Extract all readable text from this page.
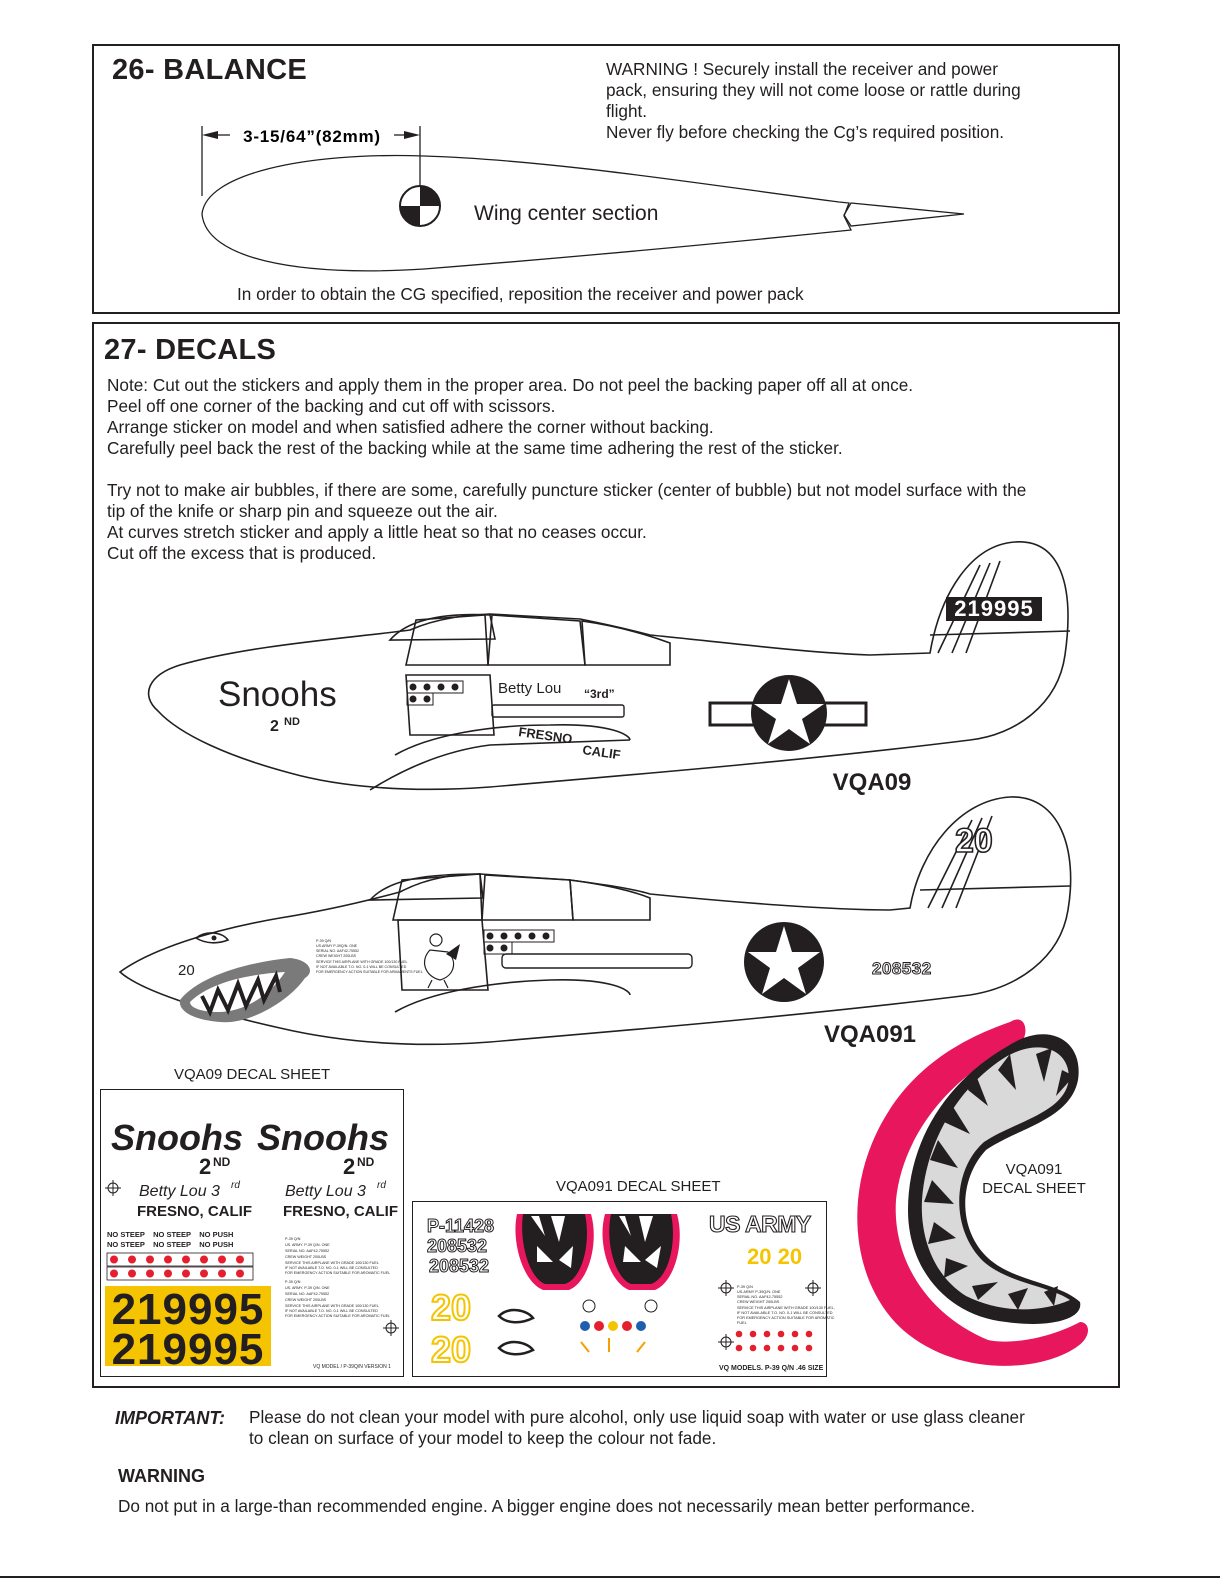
26- BALANCE	WARNING ! Securely install the receiver and power
pack, ensuring they will not come loose or rattle during
flight.
Never fly before checking the Cg’s required position.
3-15/64”(82mm)
Wing center section
In order to obtain the CG specified, reposition the receiver and power pack
27- DECALS
Note: Cut out the stickers and apply them in the proper area. Do not peel the backing paper off all at once.
Peel off one corner of the backing and cut off with scissors.
Arrange sticker on model and when satisfied adhere the corner without backing.
Carefully peel back the rest of the backing while at the same time adhering the rest of the sticker.
Try not to make air bubbles, if there are some, carefully puncture sticker (center of bubble) but not model surface with the
tip of the knife or sharp pin and squeeze out the air.
At curves stretch sticker and apply a little heat so that no ceases occur.
Cut off the excess that is produced.
219995
Snoohs
2 ND
Betty Lou “3rd”
FRESNO
CALIF
VQA09
20
20
P-39 Q/N
US.ARMY P-39Q/N. ONE
SERIAL NO. AAF42-75552
CREW WEIGHT 200LBS
SERVICE THIS AIRPLANE WITH GRADE 100/130 FUEL
IF NOT AVAILABLE T.O. NO. 0-1 WILL BE CONSULTED
FOR EMERGENCY ACTION SUITABLE FOR ARMAMENTS FUEL	208532
VQA091
VQA091
DECAL SHEET
VQA09 DECAL SHEET
Snoohs Snoohs
2 ND	2 ND
Betty Lou 3 rd	Betty Lou 3 rd
FRESNO, CALIF FRESNO, CALIF
NO STEEP    NO STEEP    NO PUSH
NO STEEP    NO STEEP    NO PUSH
P-39 Q/N
US. ARMY. P-39 Q/N. ONE
SERIAL NO. AAF42-75552
CREW WEIGHT 200LBS
SERVICE THIS AIRPLANE WITH GRADE 100/130 FUEL
IF NOT AVAILABLE T.O. NO. 0-1 WILL BE CONSULTED
FOR EMERGENCY ACTION SUITABLE FOR AROMATIC FUEL
P-39 Q/N
US. ARMY. P-39 Q/N. ONE
SERIAL NO. AAF42-75552
CREW WEIGHT 200LBS
SERVICE THIS AIRPLANE WITH GRADE 100/130 FUEL
IF NOT AVAILABLE T.O. NO. 0-1 WILL BE CONSULTED
FOR EMERGENCY ACTION SUITABLE FOR AROMATIC FUEL
219995
219995	VQ MODEL / P-39Q/N VERSION 1
VQA091 DECAL SHEET
P-11428
208532
208532
20
20
US ARMY
20 20
P-39 Q/N
US.ARMY P-39Q/N. ONE
SERIAL NO. AAF42-75552
CREW WEIGHT 200LBS
SERVICE THIS AIRPLANE WITH GRADE 100/130 FUEL,
IF NOT AVAILABLE T.O. NO. 0-1 WILL BE CONSULTED
FOR EMERGENCY ACTION SUITABLE FOR AROMATIC
FUEL
VQ MODELS. P-39 Q/N .46 SIZE
IMPORTANT: Please do not clean your model with pure alcohol, only use liquid soap with water or use glass cleaner
to clean on surface of your model to keep the colour not fade.
WARNING
Do not put in a large-than recommended engine. A bigger engine does not necessarily mean better performance.
